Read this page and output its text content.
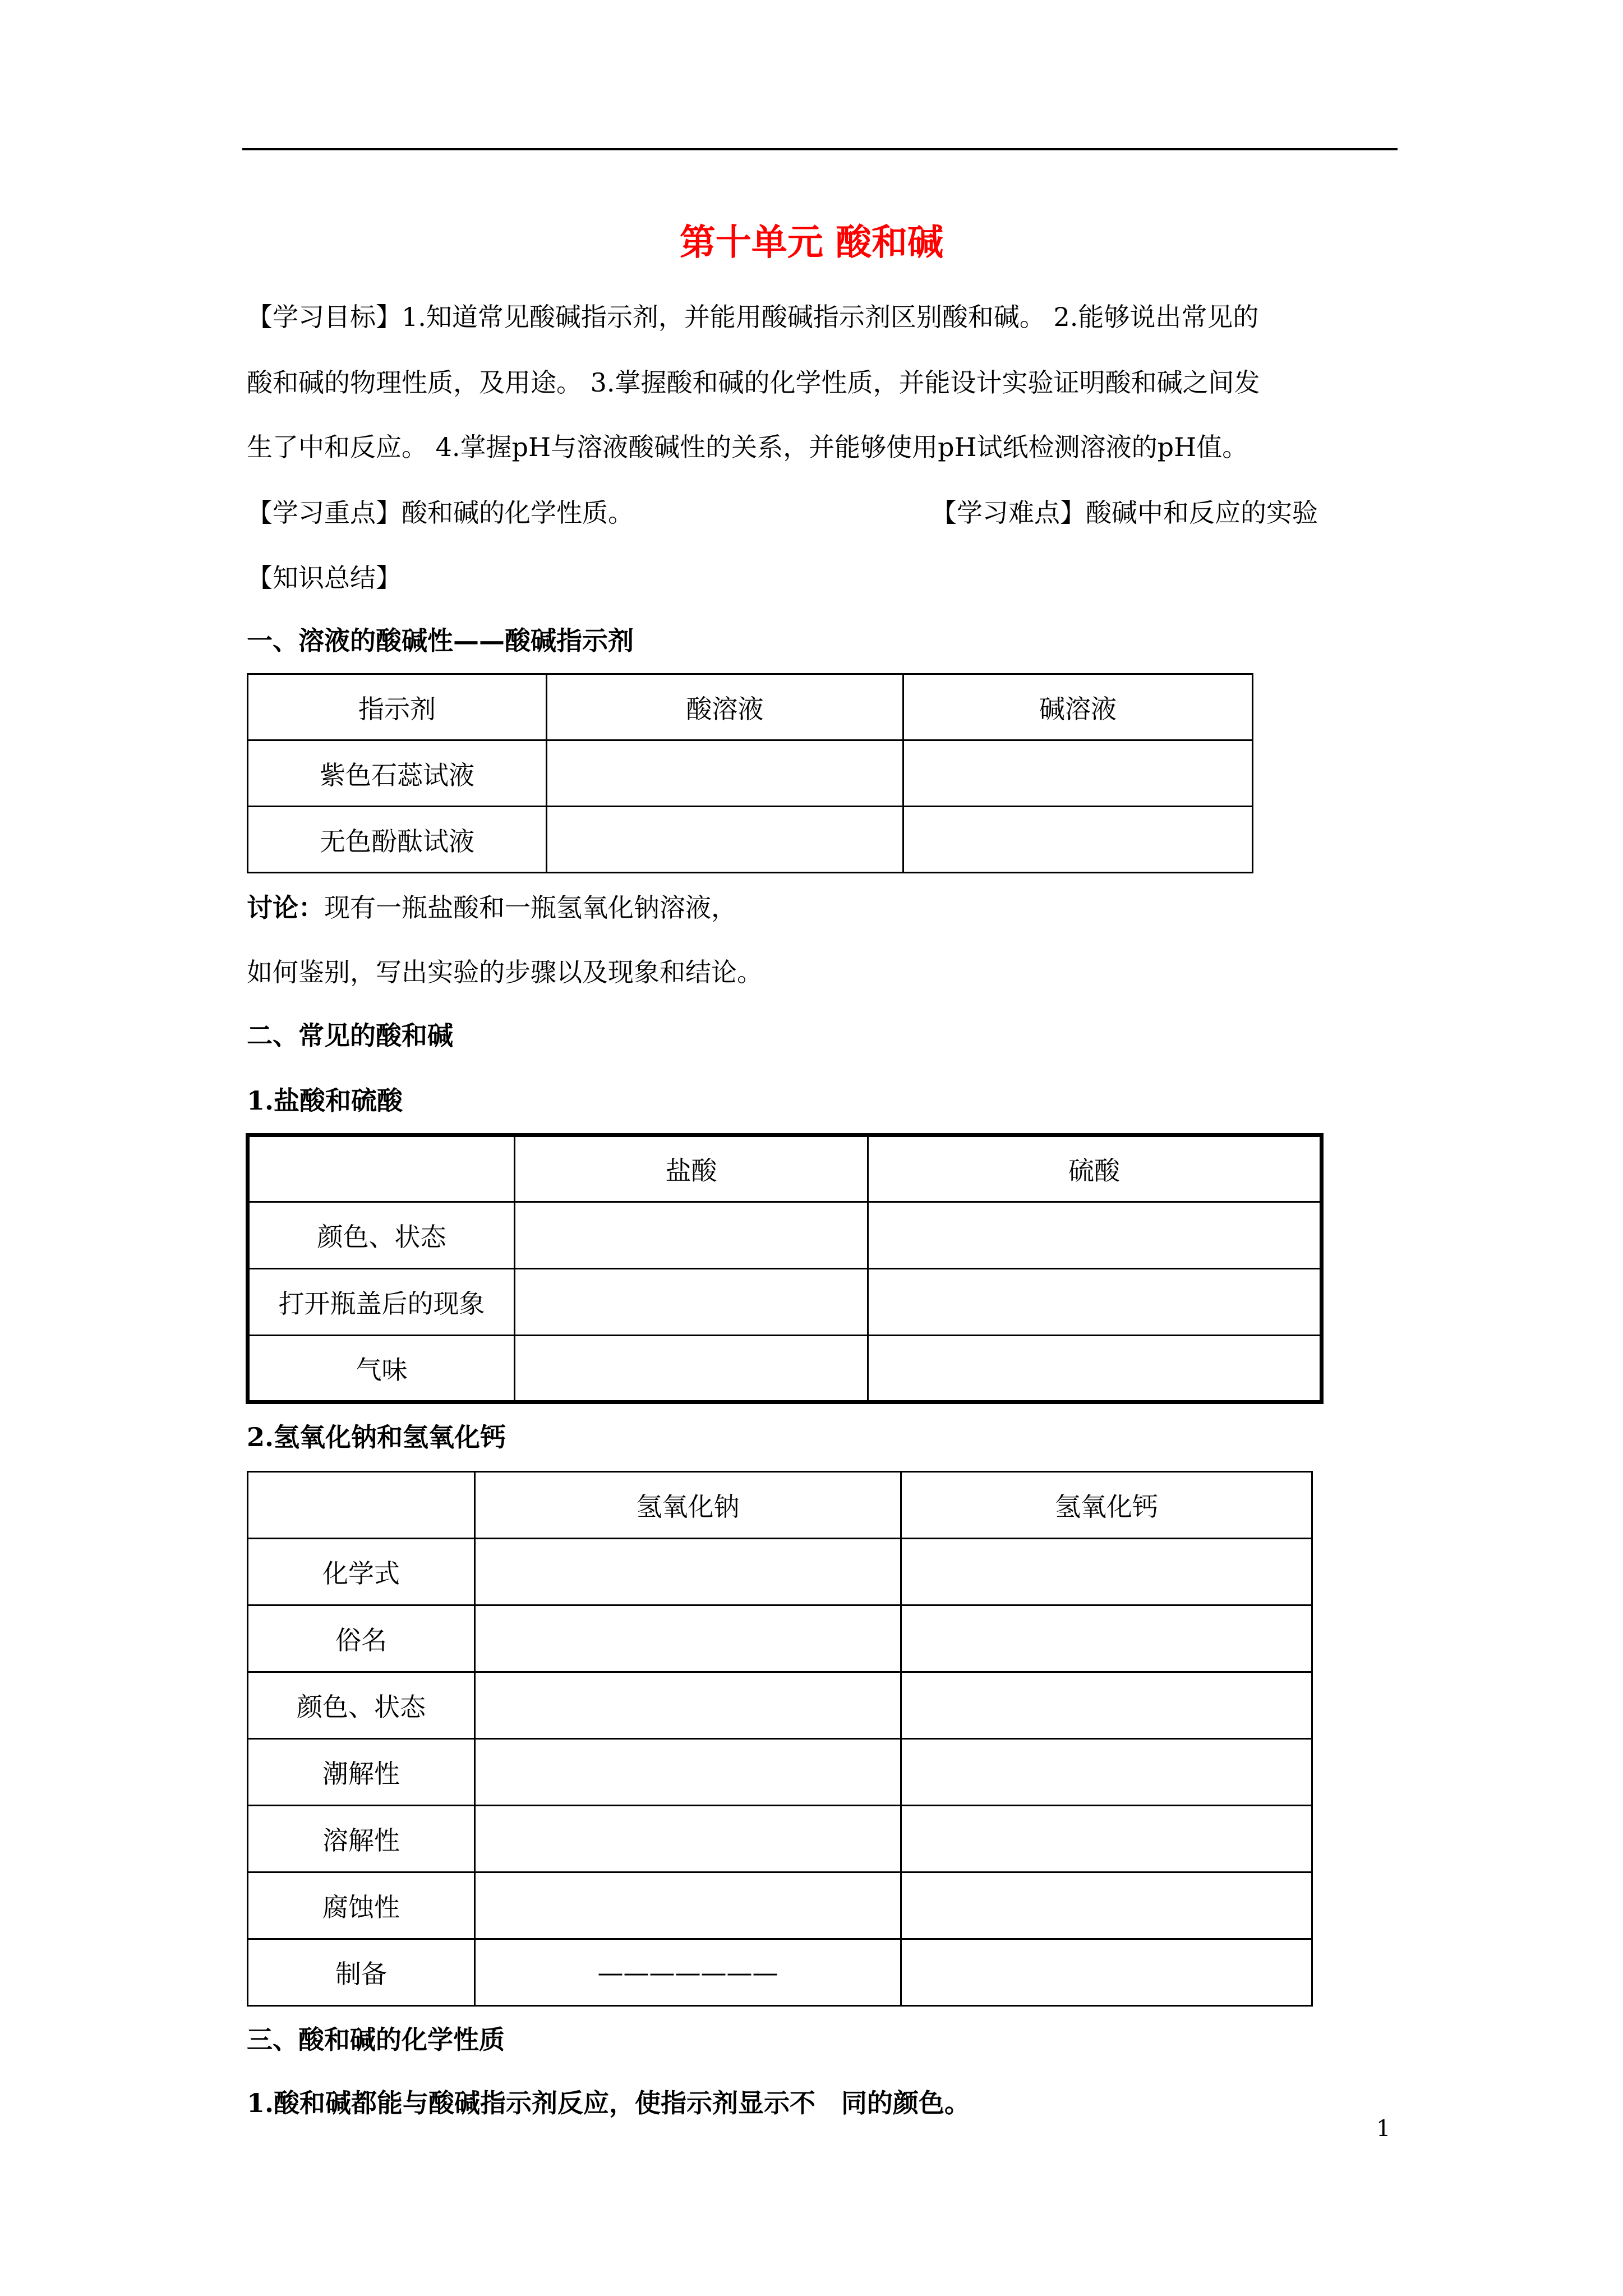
第十单元 酸和碱
【学习目标】1.知道常见酸碱指示剂，并能用酸碱指示剂区别酸和碱。 2.能够说出常见的
酸和碱的物理性质，及用途。 3.掌握酸和碱的化学性质，并能设计实验证明酸和碱之间发
生了中和反应。 4.掌握pH与溶液酸碱性的关系，并能够使用pH试纸检测溶液的pH值。
【学习重点】酸和碱的化学性质。	【学习难点】酸碱中和反应的实验
【知识总结】
一、溶液的酸碱性——酸碱指示剂
指示剂	酸溶液	碱溶液
紫色石蕊试液		
无色酚酞试液		
讨论：现有一瓶盐酸和一瓶氢氧化钠溶液，
如何鉴别，写出实验的步骤以及现象和结论。
二、常见的酸和碱
1.盐酸和硫酸
	盐酸	硫酸
颜色、状态		
打开瓶盖后的现象		
气味		
2.氢氧化钠和氢氧化钙
	氢氧化钠	氢氧化钙
化学式		
俗名		
颜色、状态		
潮解性		
溶解性		
腐蚀性		
制备	———————	
三、酸和碱的化学性质
1.酸和碱都能与酸碱指示剂反应，使指示剂显示不　同的颜色。
1
